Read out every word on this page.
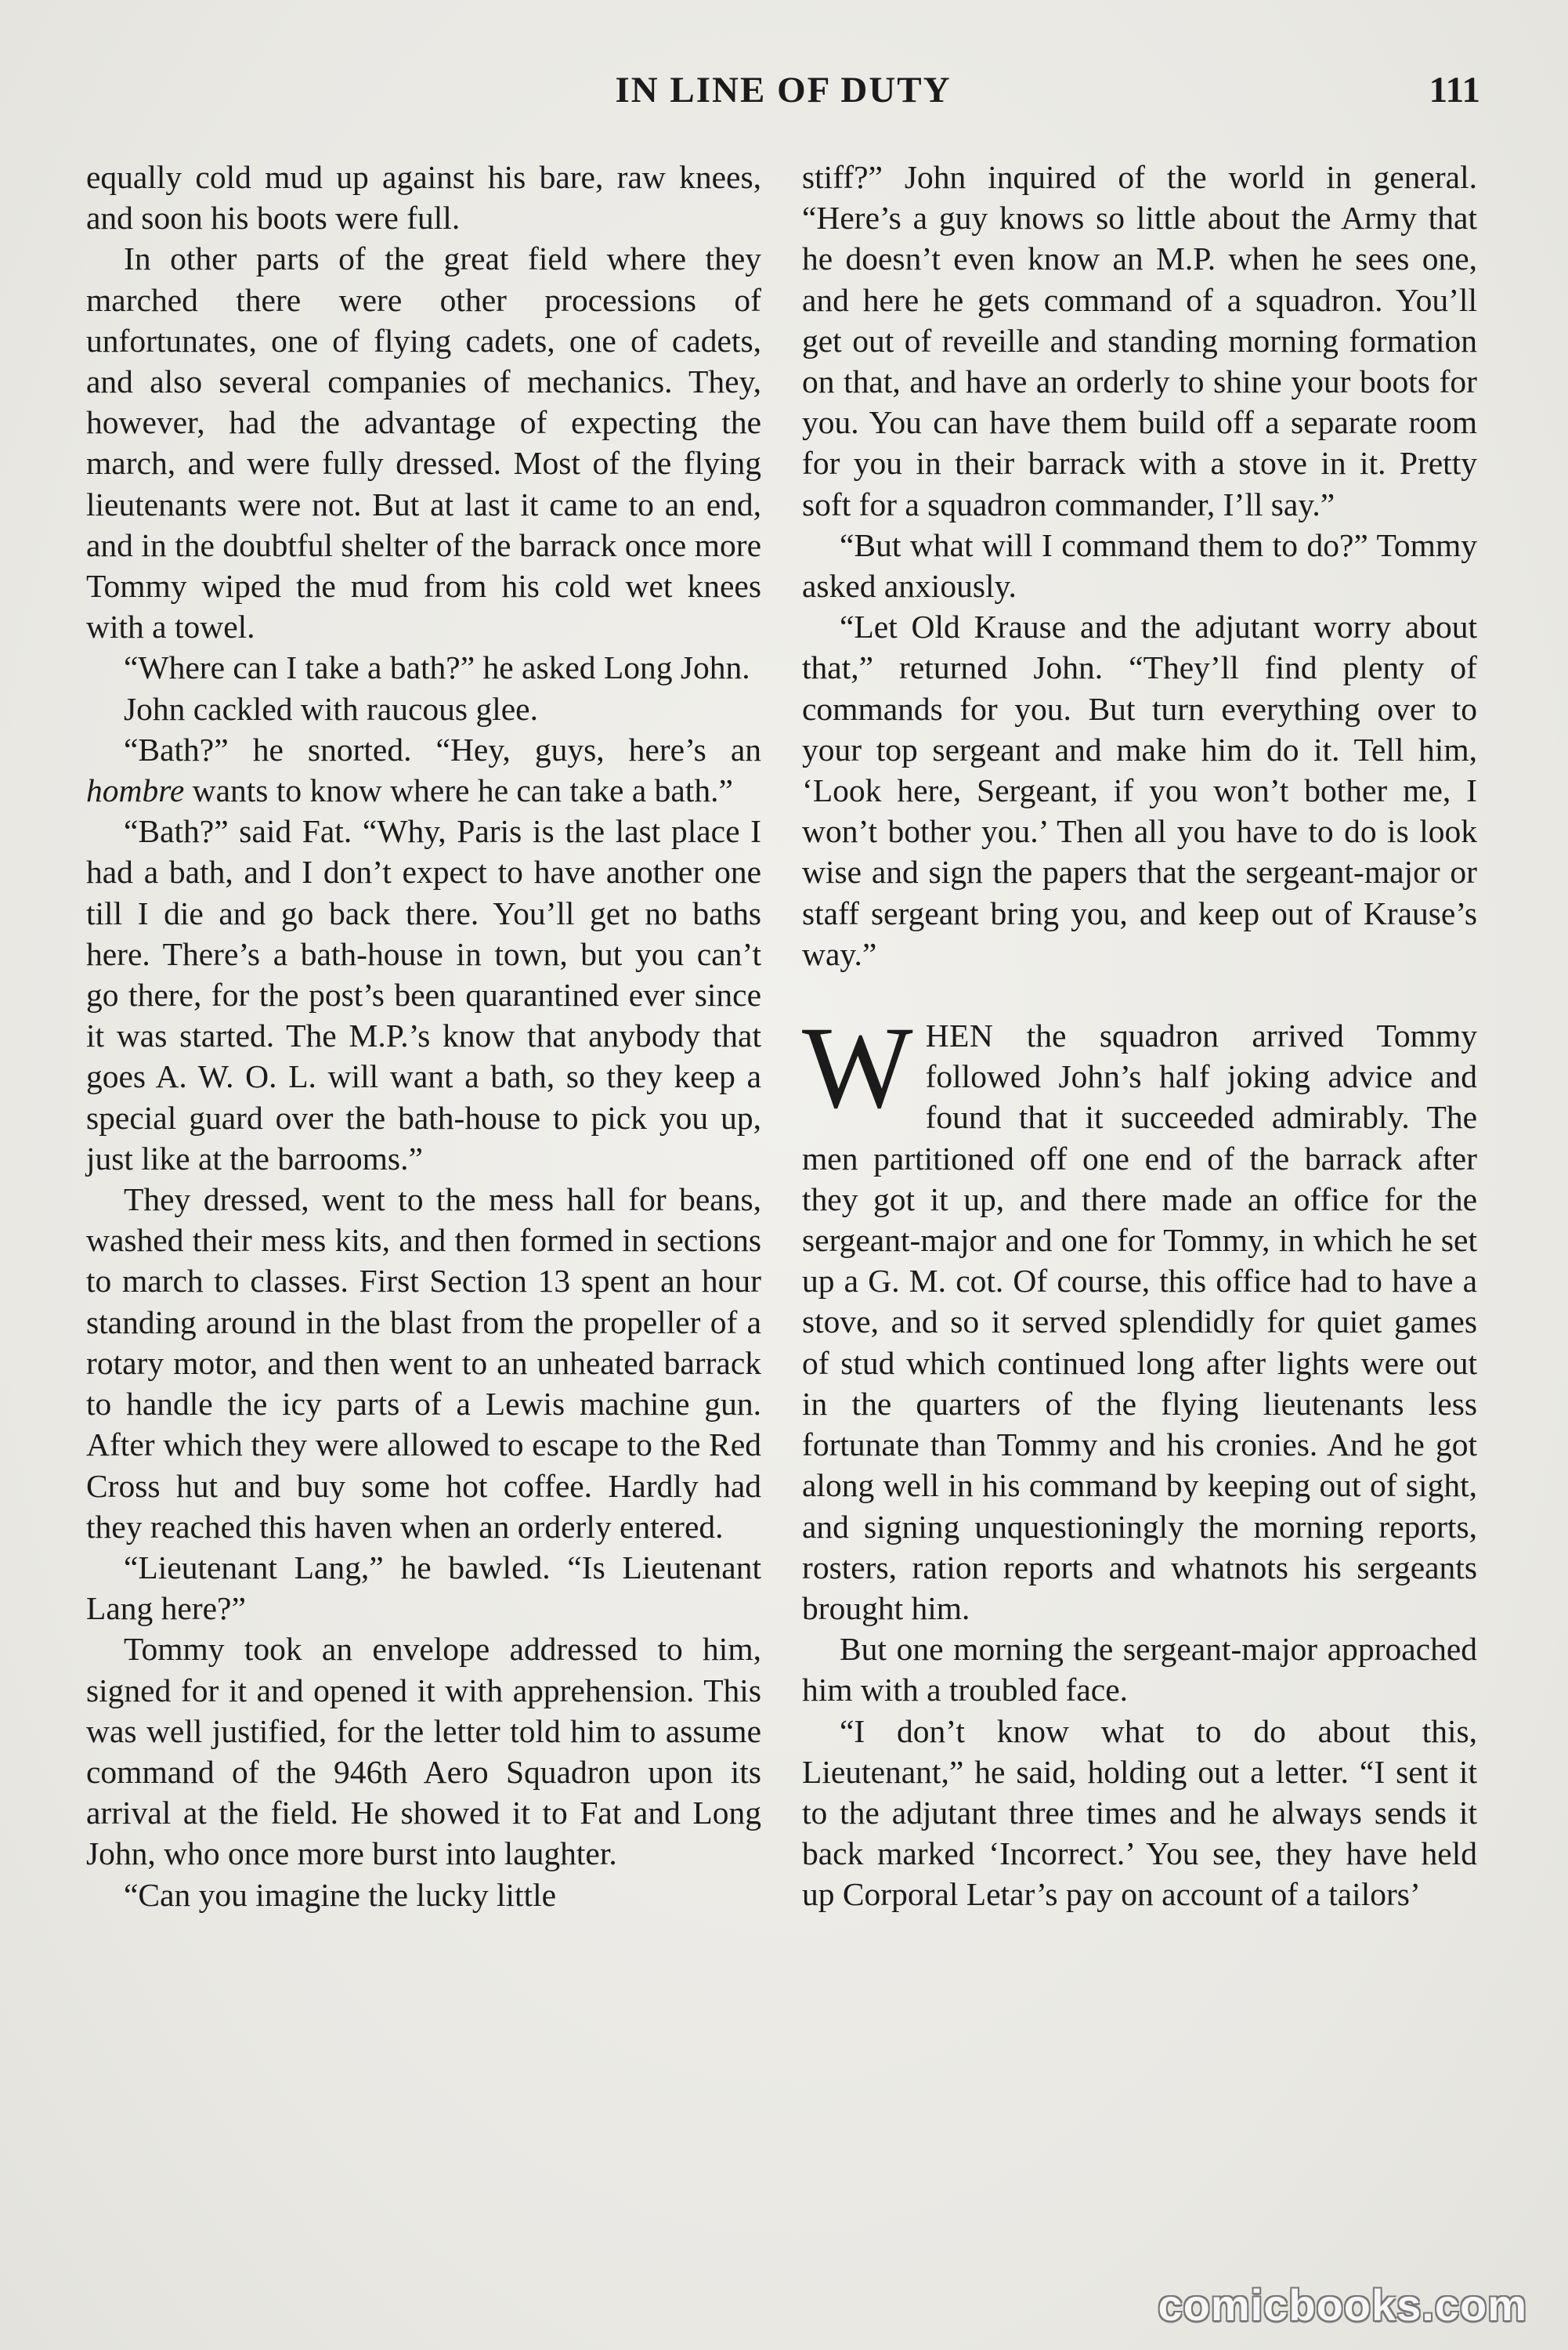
IN LINE OF DUTY	111

equally cold mud up against his bare, raw knees, and soon his boots were full.

In other parts of the great field where they marched there were other processions of unfortunates, one of flying cadets, one of cadets, and also several companies of mechanics. They, however, had the advantage of expecting the march, and were fully dressed. Most of the flying lieutenants were not. But at last it came to an end, and in the doubtful shelter of the barrack once more Tommy wiped the mud from his cold wet knees with a towel.

“Where can I take a bath?” he asked Long John.

John cackled with raucous glee.

“Bath?” he snorted. “Hey, guys, here’s an hombre wants to know where he can take a bath.”

“Bath?” said Fat. “Why, Paris is the last place I had a bath, and I don’t expect to have another one till I die and go back there. You’ll get no baths here. There’s a bath-house in town, but you can’t go there, for the post’s been quarantined ever since it was started. The M.P.’s know that anybody that goes A. W. O. L. will want a bath, so they keep a special guard over the bath-house to pick you up, just like at the barrooms.”

They dressed, went to the mess hall for beans, washed their mess kits, and then formed in sections to march to classes. First Section 13 spent an hour standing around in the blast from the propeller of a rotary motor, and then went to an unheated barrack to handle the icy parts of a Lewis machine gun. After which they were allowed to escape to the Red Cross hut and buy some hot coffee. Hardly had they reached this haven when an orderly entered.

“Lieutenant Lang,” he bawled. “Is Lieutenant Lang here?”

Tommy took an envelope addressed to him, signed for it and opened it with apprehension. This was well justified, for the letter told him to assume command of the 946th Aero Squadron upon its arrival at the field. He showed it to Fat and Long John, who once more burst into laughter.

“Can you imagine the lucky little

stiff?” John inquired of the world in general. “Here’s a guy knows so little about the Army that he doesn’t even know an M.P. when he sees one, and here he gets command of a squadron. You’ll get out of reveille and standing morning formation on that, and have an orderly to shine your boots for you. You can have them build off a separate room for you in their barrack with a stove in it. Pretty soft for a squadron commander, I’ll say.”

“But what will I command them to do?” Tommy asked anxiously.

“Let Old Krause and the adjutant worry about that,” returned John. “They’ll find plenty of commands for you. But turn everything over to your top sergeant and make him do it. Tell him, ‘Look here, Sergeant, if you won’t bother me, I won’t bother you.’ Then all you have to do is look wise and sign the papers that the sergeant-major or staff sergeant bring you, and keep out of Krause’s way.”

WHEN the squadron arrived Tommy followed John’s half joking advice and found that it succeeded admirably. The men partitioned off one end of the barrack after they got it up, and there made an office for the sergeant-major and one for Tommy, in which he set up a G. M. cot. Of course, this office had to have a stove, and so it served splendidly for quiet games of stud which continued long after lights were out in the quarters of the flying lieutenants less fortunate than Tommy and his cronies. And he got along well in his command by keeping out of sight, and signing unquestioningly the morning reports, rosters, ration reports and whatnots his sergeants brought him.

But one morning the sergeant-major approached him with a troubled face.

“I don’t know what to do about this, Lieutenant,” he said, holding out a letter. “I sent it to the adjutant three times and he always sends it back marked ‘Incorrect.’ You see, they have held up Corporal Letar’s pay on account of a tailors’

comicbooks.com
